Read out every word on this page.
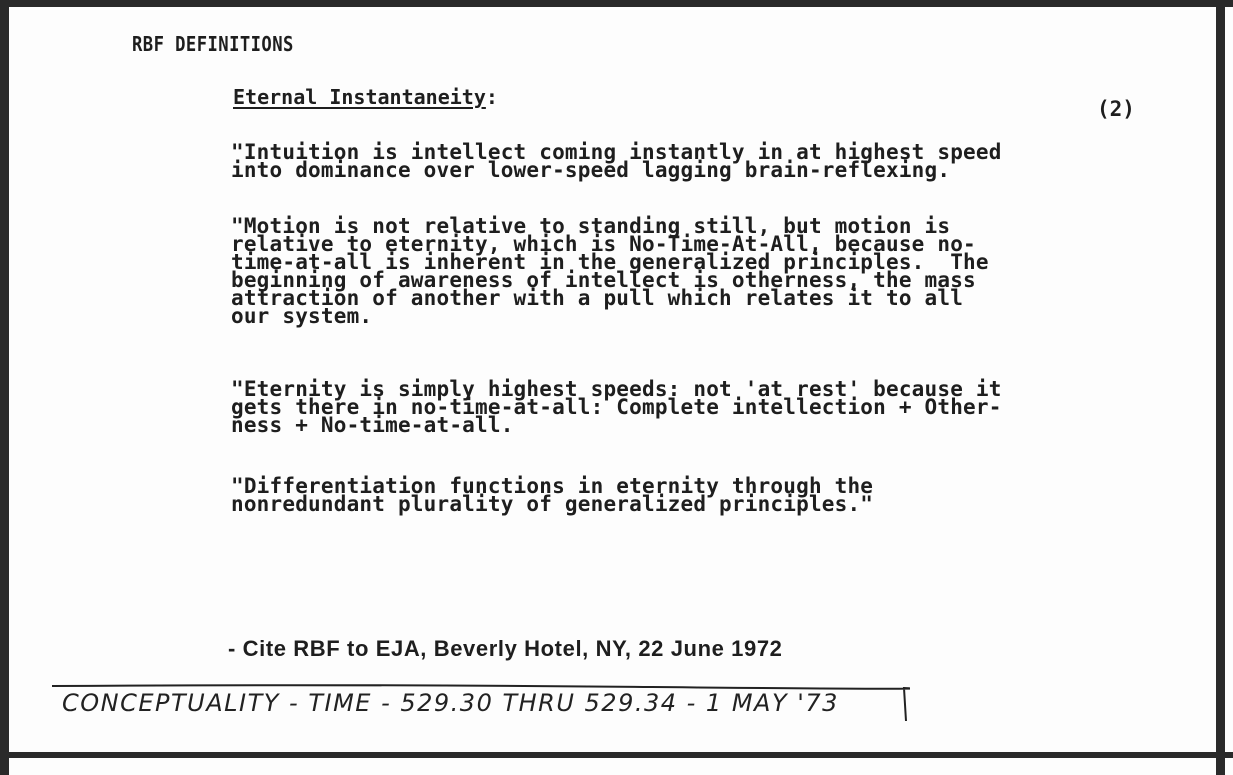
RBF DEFINITIONS
Eternal Instantaneity:	(2)
"Intuition is intellect coming instantly in at highest speed
into dominance over lower-speed lagging brain-reflexing.
"Motion is not relative to standing still, but motion is
relative to eternity, which is No-Time-At-All, because no-
time-at-all is inherent in the generalized principles.  The
beginning of awareness of intellect is otherness, the mass
attraction of another with a pull which relates it to all
our system.
"Eternity is simply highest speeds: not 'at rest' because it
gets there in no-time-at-all: Complete intellection + Other-
ness + No-time-at-all.
"Differentiation functions in eternity through the
nonredundant plurality of generalized principles."
- Cite RBF to EJA, Beverly Hotel, NY, 22 June 1972
CONCEPTUALITY - TIME - 529.30 THRU 529.34 - 1 MAY '73
